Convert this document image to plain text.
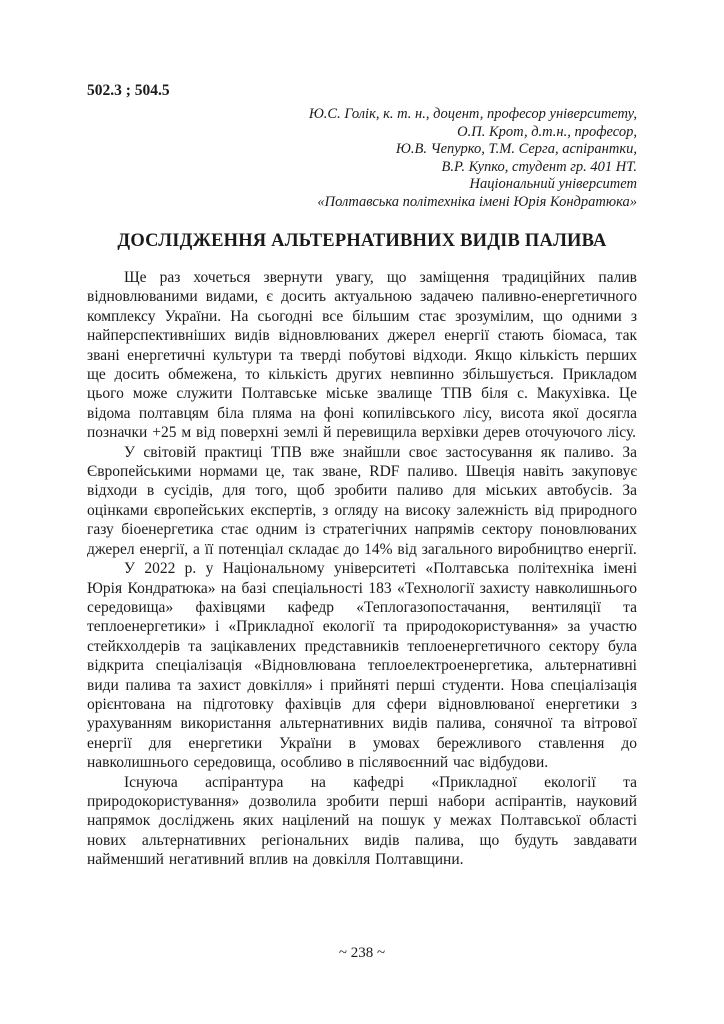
502.3 ; 504.5
Ю.С. Голік, к. т. н., доцент, професор університету,
О.П. Крот, д.т.н., професор,
Ю.В. Чепурко, Т.М. Серга, аспірантки,
В.Р. Купко, студент гр. 401 НТ.
Національний університет
«Полтавська політехніка імені Юрія Кондратюка»
ДОСЛІДЖЕННЯ АЛЬТЕРНАТИВНИХ ВИДІВ ПАЛИВА

Ще раз хочеться звернути увагу, що заміщення традиційних палив відновлюваними видами, є досить актуальною задачею паливно-енергетичного комплексу України. На сьогодні все більшим стає зрозумілим, що одними з найперспективніших видів відновлюваних джерел енергії стають біомаса, так звані енергетичні культури та тверді побутові відходи. Якщо кількість перших ще досить обмежена, то кількість других невпинно збільшується. Прикладом цього може служити Полтавське міське звалище ТПВ біля с. Макухівка. Це відома полтавцям біла пляма на фоні копилівського лісу, висота якої досягла позначки +25 м від поверхні землі й перевищила верхівки дерев оточуючого лісу.

У світовій практиці ТПВ вже знайшли своє застосування як паливо. За Європейськими нормами це, так зване, RDF паливо. Швеція навіть закуповує відходи в сусідів, для того, щоб зробити паливо для міських автобусів. За оцінками європейських експертів, з огляду на високу залежність від природного газу біоенергетика стає одним із стратегічних напрямів сектору поновлюваних джерел енергії, а її потенціал складає до 14% від загального виробництво енергії.

У 2022 р. у Національному університеті «Полтавська політехніка імені Юрія Кондратюка» на базі спеціальності 183 «Технології захисту навколишнього середовища» фахівцями кафедр «Теплогазопостачання, вентиляції та теплоенергетики» і «Прикладної екології та природокористування» за участю стейкхолдерів та зацікавлених представників теплоенергетичного сектору була відкрита спеціалізація «Відновлювана теплоелектроенергетика, альтернативні види палива та захист довкілля» і прийняті перші студенти. Нова спеціалізація орієнтована на підготовку фахівців для сфери відновлюваної енергетики з урахуванням використання альтернативних видів палива, сонячної та вітрової енергії для енергетики України в умовах бережливого ставлення до навколишнього середовища, особливо в післявоєнний час відбудови.

Існуюча аспірантура на кафедрі «Прикладної екології та природокористування» дозволила зробити перші набори аспірантів, науковий напрямок досліджень яких націлений на пошук у межах Полтавської області нових альтернативних регіональних видів палива, що будуть завдавати найменший негативний вплив на довкілля Полтавщини.

~ 238 ~
